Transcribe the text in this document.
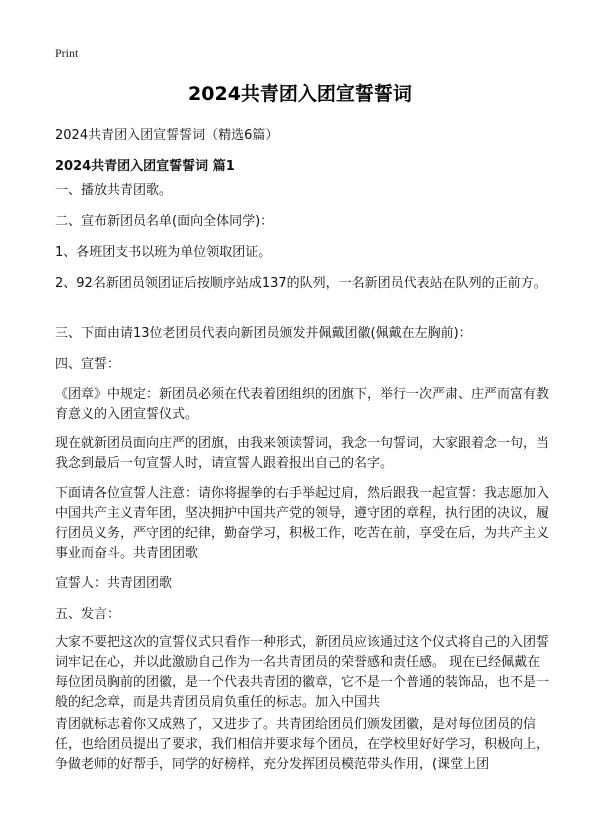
Print
2024共青团入团宣誓誓词
2024共青团入团宣誓誓词（精选6篇）
2024共青团入团宣誓誓词 篇1

一、播放共青团歌。

二、宣布新团员名单(面向全体同学)：

1、各班团支书以班为单位领取团证。

2、92名新团员领团证后按顺序站成137的队列，一名新团员代表站在队列的正前方。

三、下面由请13位老团员代表向新团员颁发并佩戴团徽(佩戴在左胸前)：

四、宣誓：

《团章》中规定：新团员必须在代表着团组织的团旗下，举行一次严肃、庄严而富有教育意义的入团宣誓仪式。

现在就新团员面向庄严的团旗，由我来领读誓词，我念一句誓词，大家跟着念一句，当我念到最后一句宣誓人时，请宣誓人跟着报出自己的名字。

下面请各位宣誓人注意：请你将握拳的右手举起过肩，然后跟我一起宣誓：我志愿加入中国共产主义青年团，坚决拥护中国共产党的领导，遵守团的章程，执行团的决议，履行团员义务，严守团的纪律，勤奋学习，积极工作，吃苦在前，享受在后，为共产主义事业而奋斗。共青团团歌

宣誓人：共青团团歌

五、发言：

大家不要把这次的宣誓仪式只看作一种形式，新团员应该通过这个仪式将自己的入团誓词牢记在心，并以此激励自己作为一名共青团员的荣誉感和责任感。 现在已经佩戴在每位团员胸前的团徽，是一个代表共青团的徽章，它不是一个普通的装饰品，也不是一般的纪念章，而是共青团员肩负重任的标志。加入中国共

青团就标志着你又成熟了，又进步了。共青团给团员们颁发团徽，是对每位团员的信任，也给团员提出了要求，我们相信并要求每个团员，在学校里好好学习，积极向上，争做老师的好帮手，同学的好榜样，充分发挥团员模范带头作用，(课堂上团
